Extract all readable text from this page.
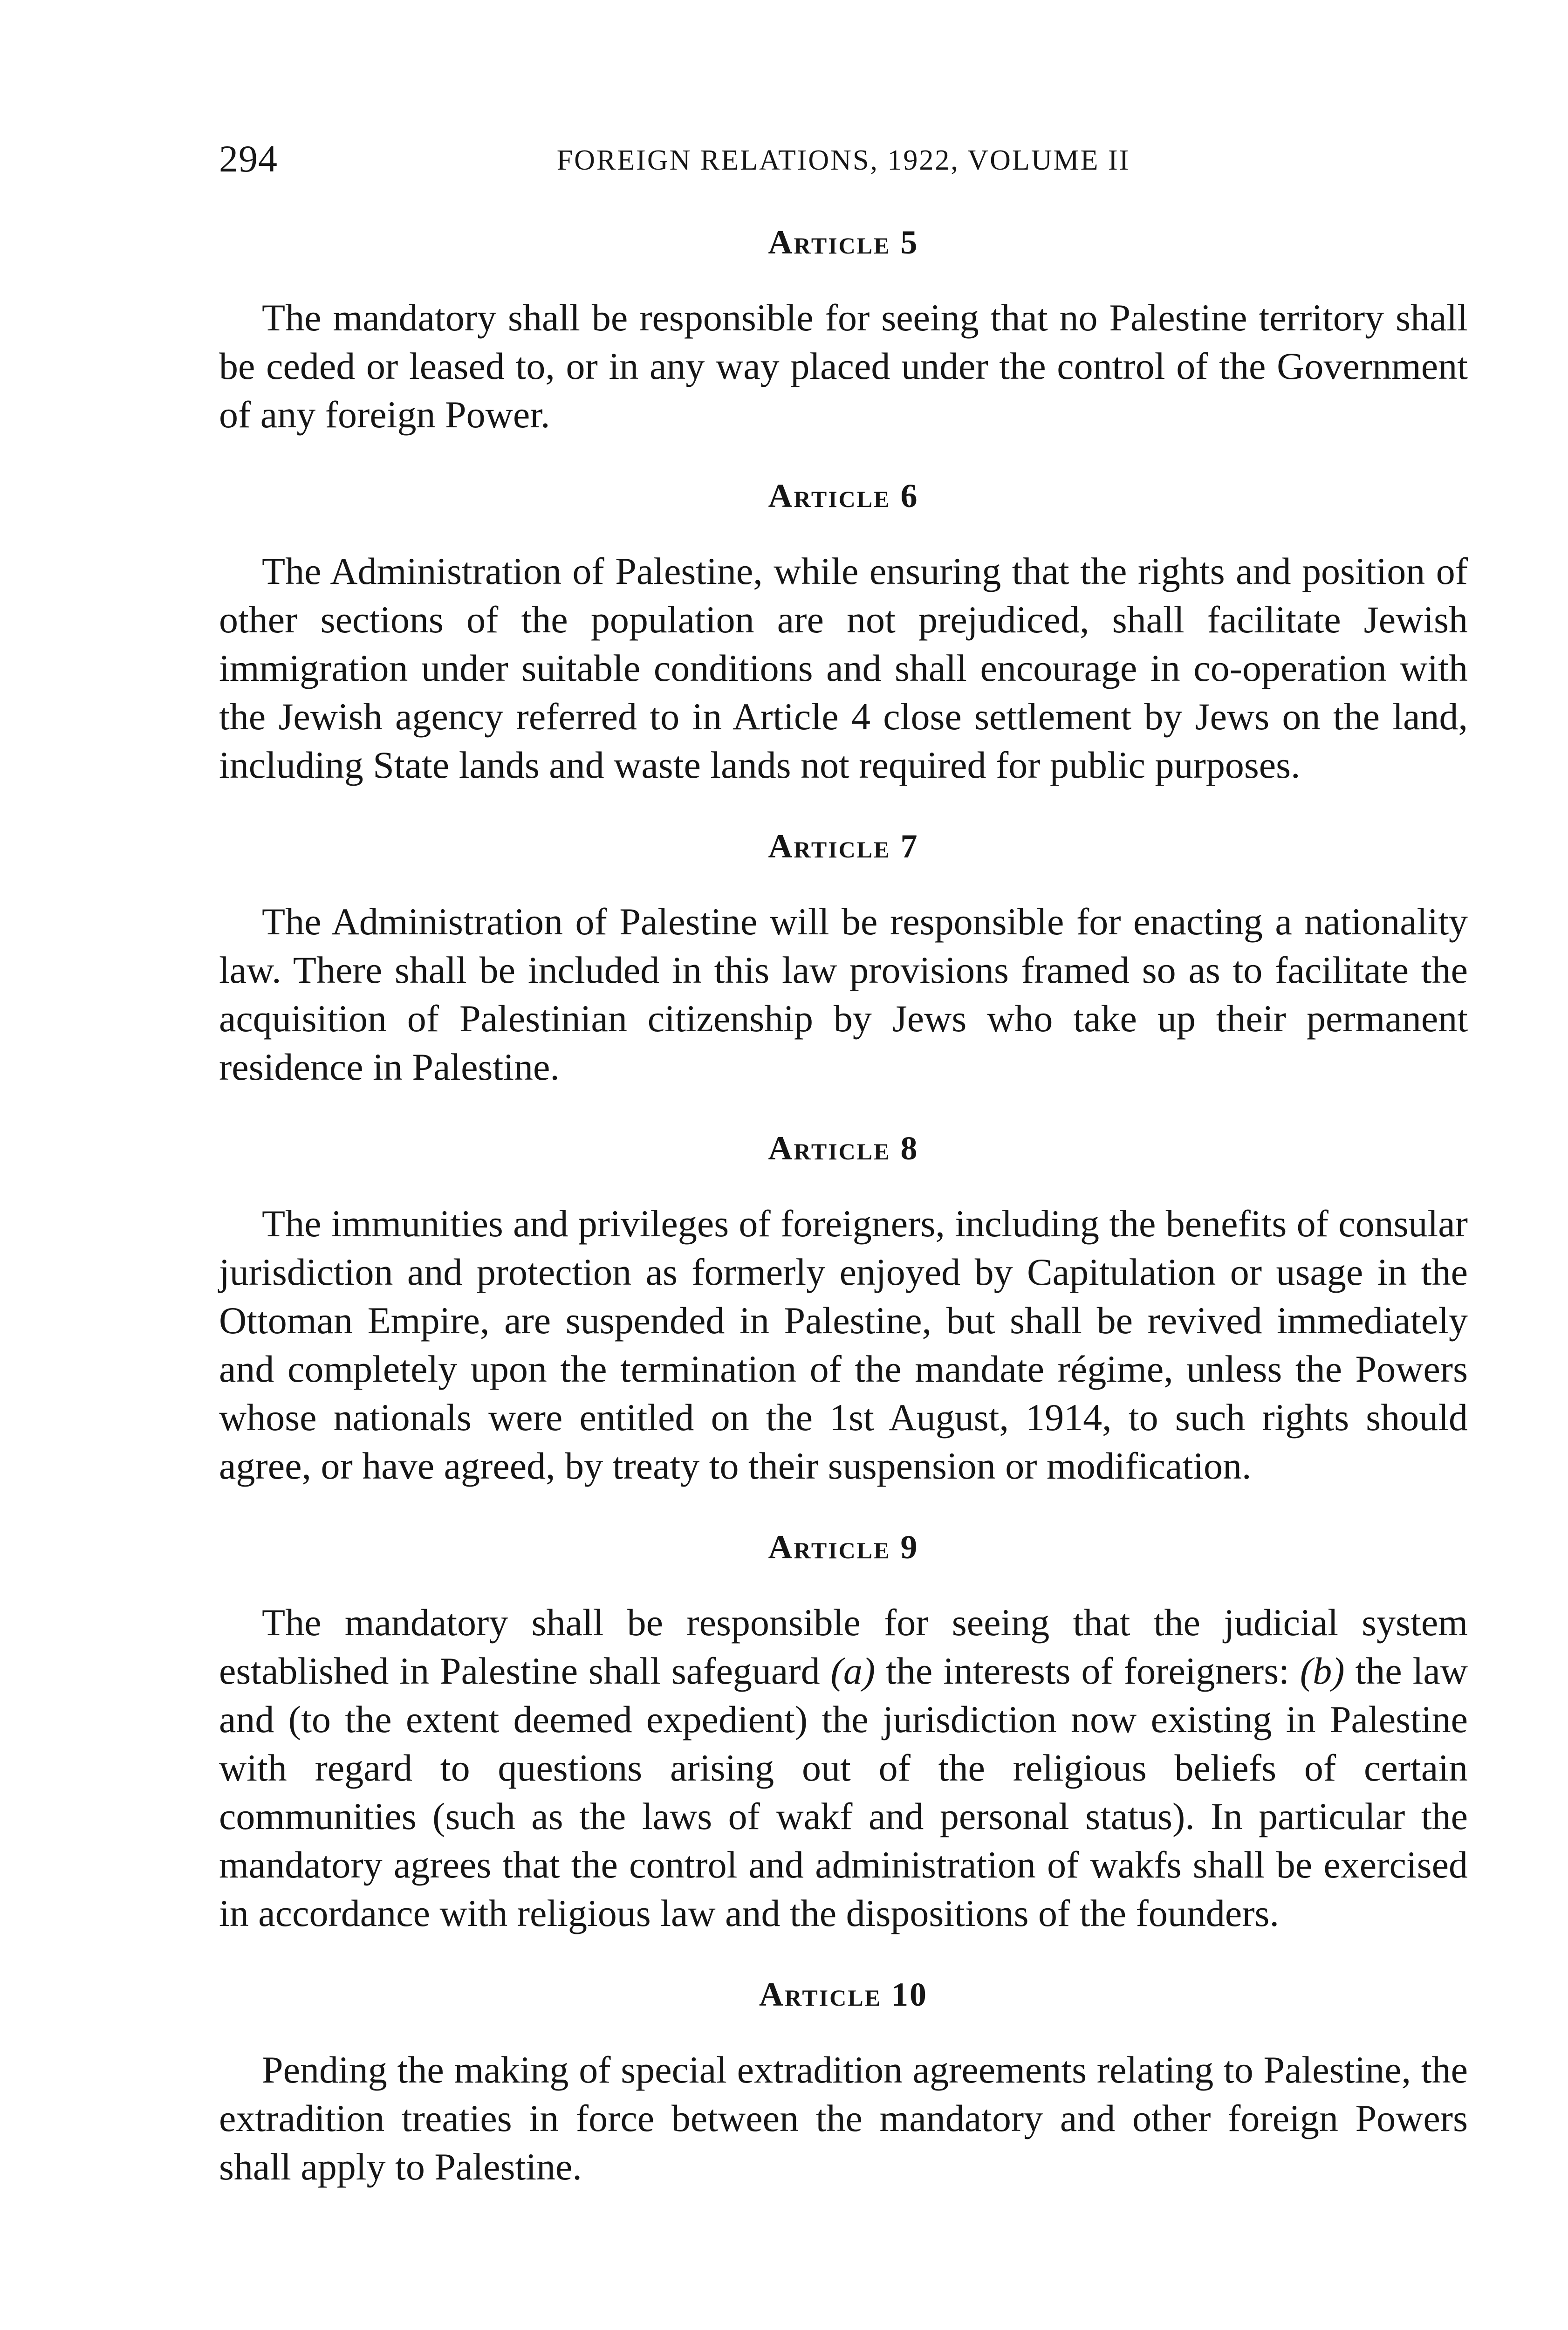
294	FOREIGN RELATIONS, 1922, VOLUME II
Article 5

The mandatory shall be responsible for seeing that no Palestine territory shall be ceded or leased to, or in any way placed under the control of the Government of any foreign Power.

Article 6

The Administration of Palestine, while ensuring that the rights and position of other sections of the population are not prejudiced, shall facilitate Jewish immigration under suitable conditions and shall encourage in co-operation with the Jewish agency referred to in Article 4 close settlement by Jews on the land, including State lands and waste lands not required for public purposes.

Article 7

The Administration of Palestine will be responsible for enacting a nationality law. There shall be included in this law provisions framed so as to facilitate the acquisition of Palestinian citizenship by Jews who take up their permanent residence in Palestine.

Article 8

The immunities and privileges of foreigners, including the benefits of consular jurisdiction and protection as formerly enjoyed by Capitulation or usage in the Ottoman Empire, are suspended in Palestine, but shall be revived immediately and completely upon the termination of the mandate régime, unless the Powers whose nationals were entitled on the 1st August, 1914, to such rights should agree, or have agreed, by treaty to their suspension or modification.

Article 9

The mandatory shall be responsible for seeing that the judicial system established in Palestine shall safeguard (a) the interests of foreigners: (b) the law and (to the extent deemed expedient) the jurisdiction now existing in Palestine with regard to questions arising out of the religious beliefs of certain communities (such as the laws of wakf and personal status). In particular the mandatory agrees that the control and administration of wakfs shall be exercised in accordance with religious law and the dispositions of the founders.

Article 10

Pending the making of special extradition agreements relating to Palestine, the extradition treaties in force between the mandatory and other foreign Powers shall apply to Palestine.
